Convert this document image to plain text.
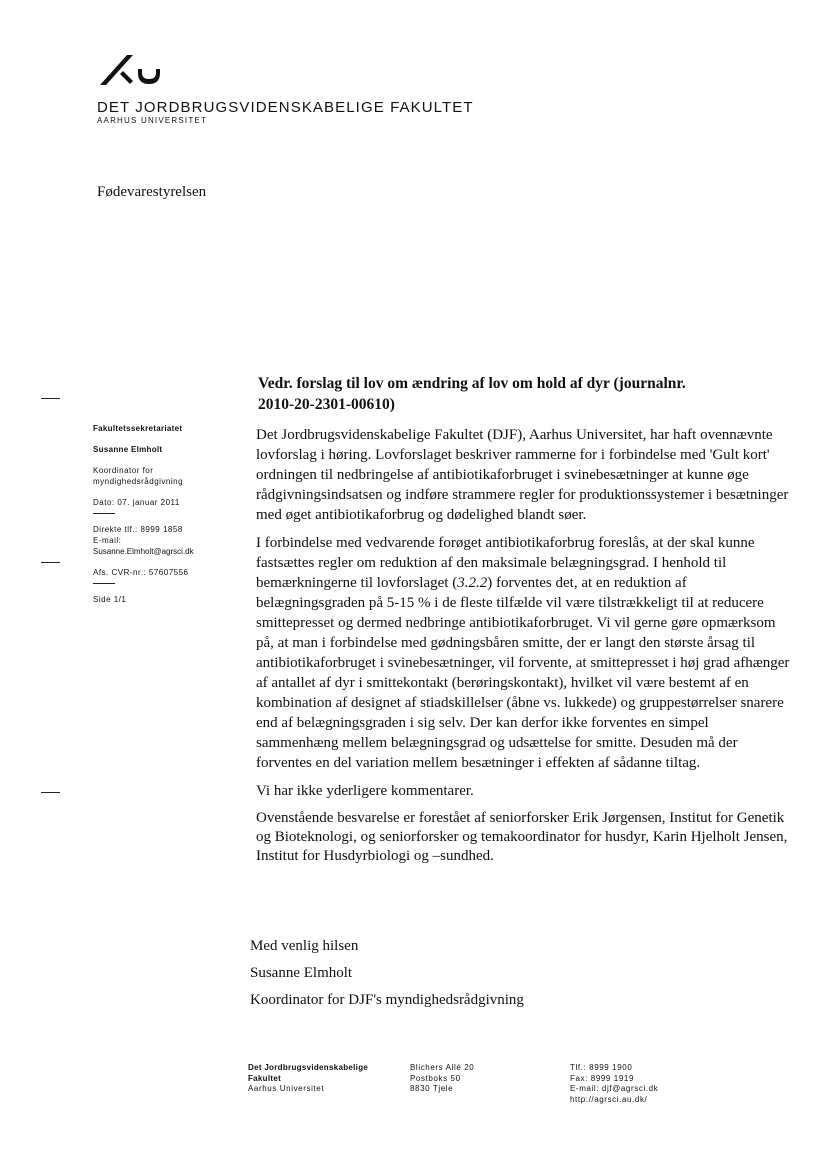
DET JORDBRUGSVIDENSKABELIGE FAKULTET
AARHUS UNIVERSITET
Fødevarestyrelsen
Fakultetssekretariatet
Susanne Elmholt
Koordinator for
myndighedsrådgivning
Dato: 07. januar 2011
Direkte tlf.: 8999 1858
E-mail:
Susanne.Elmholt@agrsci.dk
Afs. CVR-nr.: 57607556
Side 1/1
Vedr. forslag til lov om ændring af lov om hold af dyr (journalnr.
2010-20-2301-00610)

Det Jordbrugsvidenskabelige Fakultet (DJF), Aarhus Universitet, har haft ovennævnte lovforslag i høring. Lovforslaget beskriver rammerne for i forbindelse med 'Gult kort' ordningen til nedbringelse af antibiotikaforbruget i svinebesætninger at kunne øge rådgivningsindsatsen og indføre strammere regler for produktionssystemer i besætninger med øget antibiotikaforbrug og dødelighed blandt søer.

I forbindelse med vedvarende forøget antibiotikaforbrug foreslås, at der skal kunne fastsættes regler om reduktion af den maksimale belægningsgrad. I henhold til bemærkningerne til lovforslaget (3.2.2) forventes det, at en reduktion af belægningsgraden på 5-15 % i de fleste tilfælde vil være tilstrækkeligt til at reducere smittepresset og dermed nedbringe antibiotikaforbruget. Vi vil gerne gøre opmærksom på, at man i forbindelse med gødningsbåren smitte, der er langt den største årsag til antibiotikaforbruget i svinebesætninger, vil forvente, at smittepresset i høj grad afhænger af antallet af dyr i smittekontakt (berøringskontakt), hvilket vil være bestemt af en kombination af designet af stiadskillelser (åbne vs. lukkede) og gruppestørrelser snarere end af belægningsgraden i sig selv. Der kan derfor ikke forventes en simpel sammenhæng mellem belægningsgrad og udsættelse for smitte. Desuden må der forventes en del variation mellem besætninger i effekten af sådanne tiltag.

Vi har ikke yderligere kommentarer.

Ovenstående besvarelse er forestået af seniorforsker Erik Jørgensen, Institut for Genetik og Bioteknologi, og seniorforsker og temakoordinator for husdyr, Karin Hjelholt Jensen, Institut for Husdyrbiologi og –sundhed.

Med venlig hilsen
Susanne Elmholt
Koordinator for DJF's myndighedsrådgivning
Det Jordbrugsvidenskabelige
Fakultet
Aarhus Universitet
Blichers Allé 20
Postboks 50
8830 Tjele
Tlf.: 8999 1900
Fax: 8999 1919
E-mail: djf@agrsci.dk
http://agrsci.au.dk/
